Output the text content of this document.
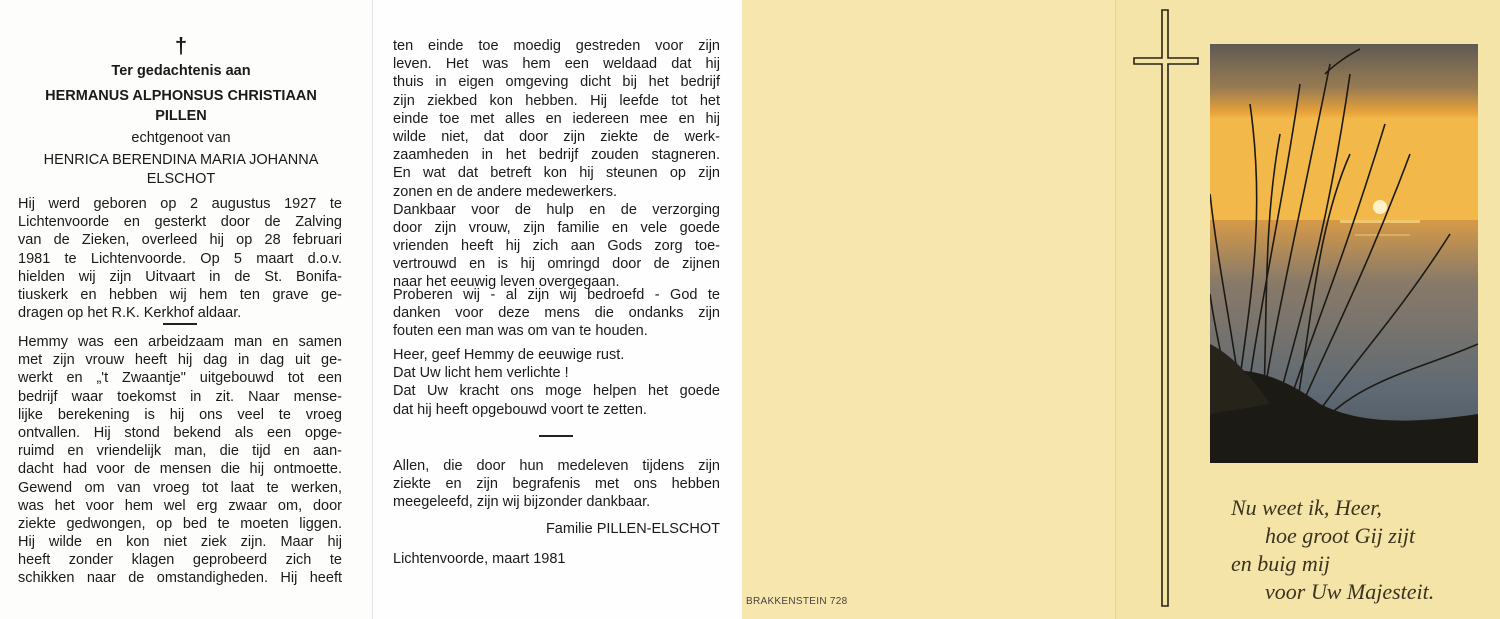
†
Ter gedachtenis aan
HERMANUS ALPHONSUS CHRISTIAAN
PILLEN
echtgenoot van
HENRICA BERENDINA MARIA JOHANNA
ELSCHOT
Hij werd geboren op 2 augustus 1927 te
Lichtenvoorde en gesterkt door de Zalving
van de Zieken, overleed hij op 28 februari
1981 te Lichtenvoorde. Op 5 maart d.o.v.
hielden wij zijn Uitvaart in de St. Bonifa-
tiuskerk en hebben wij hem ten grave ge-
dragen op het R.K. Kerkhof aldaar.
Hemmy was een arbeidzaam man en samen
met zijn vrouw heeft hij dag in dag uit ge-
werkt en „'t Zwaantje" uitgebouwd tot een
bedrijf waar toekomst in zit. Naar mense-
lijke berekening is hij ons veel te vroeg
ontvallen. Hij stond bekend als een opge-
ruimd en vriendelijk man, die tijd en aan-
dacht had voor de mensen die hij ontmoette.
Gewend om van vroeg tot laat te werken,
was het voor hem wel erg zwaar om, door
ziekte gedwongen, op bed te moeten liggen.
Hij wilde en kon niet ziek zijn. Maar hij
heeft zonder klagen geprobeerd zich te
schikken naar de omstandigheden. Hij heeft
ten einde toe moedig gestreden voor zijn
leven. Het was hem een weldaad dat hij
thuis in eigen omgeving dicht bij het bedrijf
zijn ziekbed kon hebben. Hij leefde tot het
einde toe met alles en iedereen mee en hij
wilde niet, dat door zijn ziekte de werk-
zaamheden in het bedrijf zouden stagneren.
En wat dat betreft kon hij steunen op zijn
zonen en de andere medewerkers.
Dankbaar voor de hulp en de verzorging
door zijn vrouw, zijn familie en vele goede
vrienden heeft hij zich aan Gods zorg toe-
vertrouwd en is hij omringd door de zijnen
naar het eeuwig leven overgegaan.
Proberen wij - al zijn wij bedroefd - God te
danken voor deze mens die ondanks zijn
fouten een man was om van te houden.
Heer, geef Hemmy de eeuwige rust.
Dat Uw licht hem verlichte !
Dat Uw kracht ons moge helpen het goede
dat hij heeft opgebouwd voort te zetten.
Allen, die door hun medeleven tijdens zijn
ziekte en zijn begrafenis met ons hebben
meegeleefd, zijn wij bijzonder dankbaar.
Familie PILLEN-ELSCHOT
Lichtenvoorde, maart 1981
BRAKKENSTEIN 728
Nu weet ik, Heer,
hoe groot Gij zijt
en buig mij
voor Uw Majesteit.
